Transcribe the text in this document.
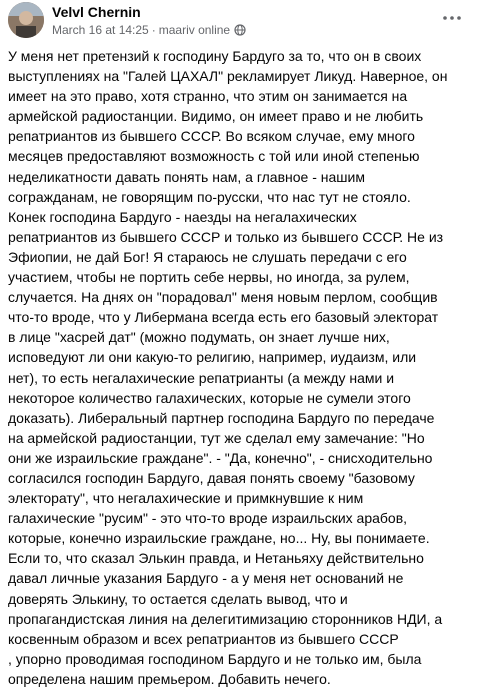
Velvl Chernin
March 16 at 14:25 · maariv online
У меня нет претензий к господину Бардуго за то, что он в своих
выступлениях на "Галей ЦАХАЛ" рекламирует Ликуд. Наверное, он
имеет на это право, хотя странно, что этим он занимается на
армейской радиостанции. Видимо, он имеет право и не любить
репатриантов из бывшего СССР. Во всяком случае, ему много
месяцев предоставляют возможность с той или иной степенью
неделикатности давать понять нам, а главное - нашим
согражданам, не говорящим по-русски, что нас тут не стояло.
Конек господина Бардуго - наезды на негалахических
репатриантов из бывшего СССР и только из бывшего СССР. Не из
Эфиопии, не дай Бог! Я стараюсь не слушать передачи с его
участием, чтобы не портить себе нервы, но иногда, за рулем,
случается. На днях он "порадовал" меня новым перлом, сообщив
что-то вроде, что у Либермана всегда есть его базовый электорат
в лице "хасрей дат" (можно подумать, он знает лучше них,
исповедуют ли они какую-то религию, например, иудаизм, или
нет), то есть негалахические репатрианты (а между нами и
некоторое количество галахических, которые не сумели этого
доказать). Либеральный партнер господина Бардуго по передаче
на армейской радиостанции, тут же сделал ему замечание: "Но
они же израильские граждане". - "Да, конечно", - снисходительно
согласился господин Бардуго, давая понять своему "базовому
электорату", что негалахические и примкнувшие к ним
галахические "русим" - это что-то вроде израильских арабов,
которые, конечно израильские граждане, но... Ну, вы понимаете.
Если то, что сказал Элькин правда, и Нетаньяху действительно
давал личные указания Бардуго - а у меня нет оснований не
доверять Элькину, то остается сделать вывод, что и
пропагандистская линия на делегитимизацию сторонников НДИ, а
косвенным образом и всех репатриантов из бывшего СССР
, упорно проводимая господином Бардуго и не только им, была
определена нашим премьером. Добавить нечего.
